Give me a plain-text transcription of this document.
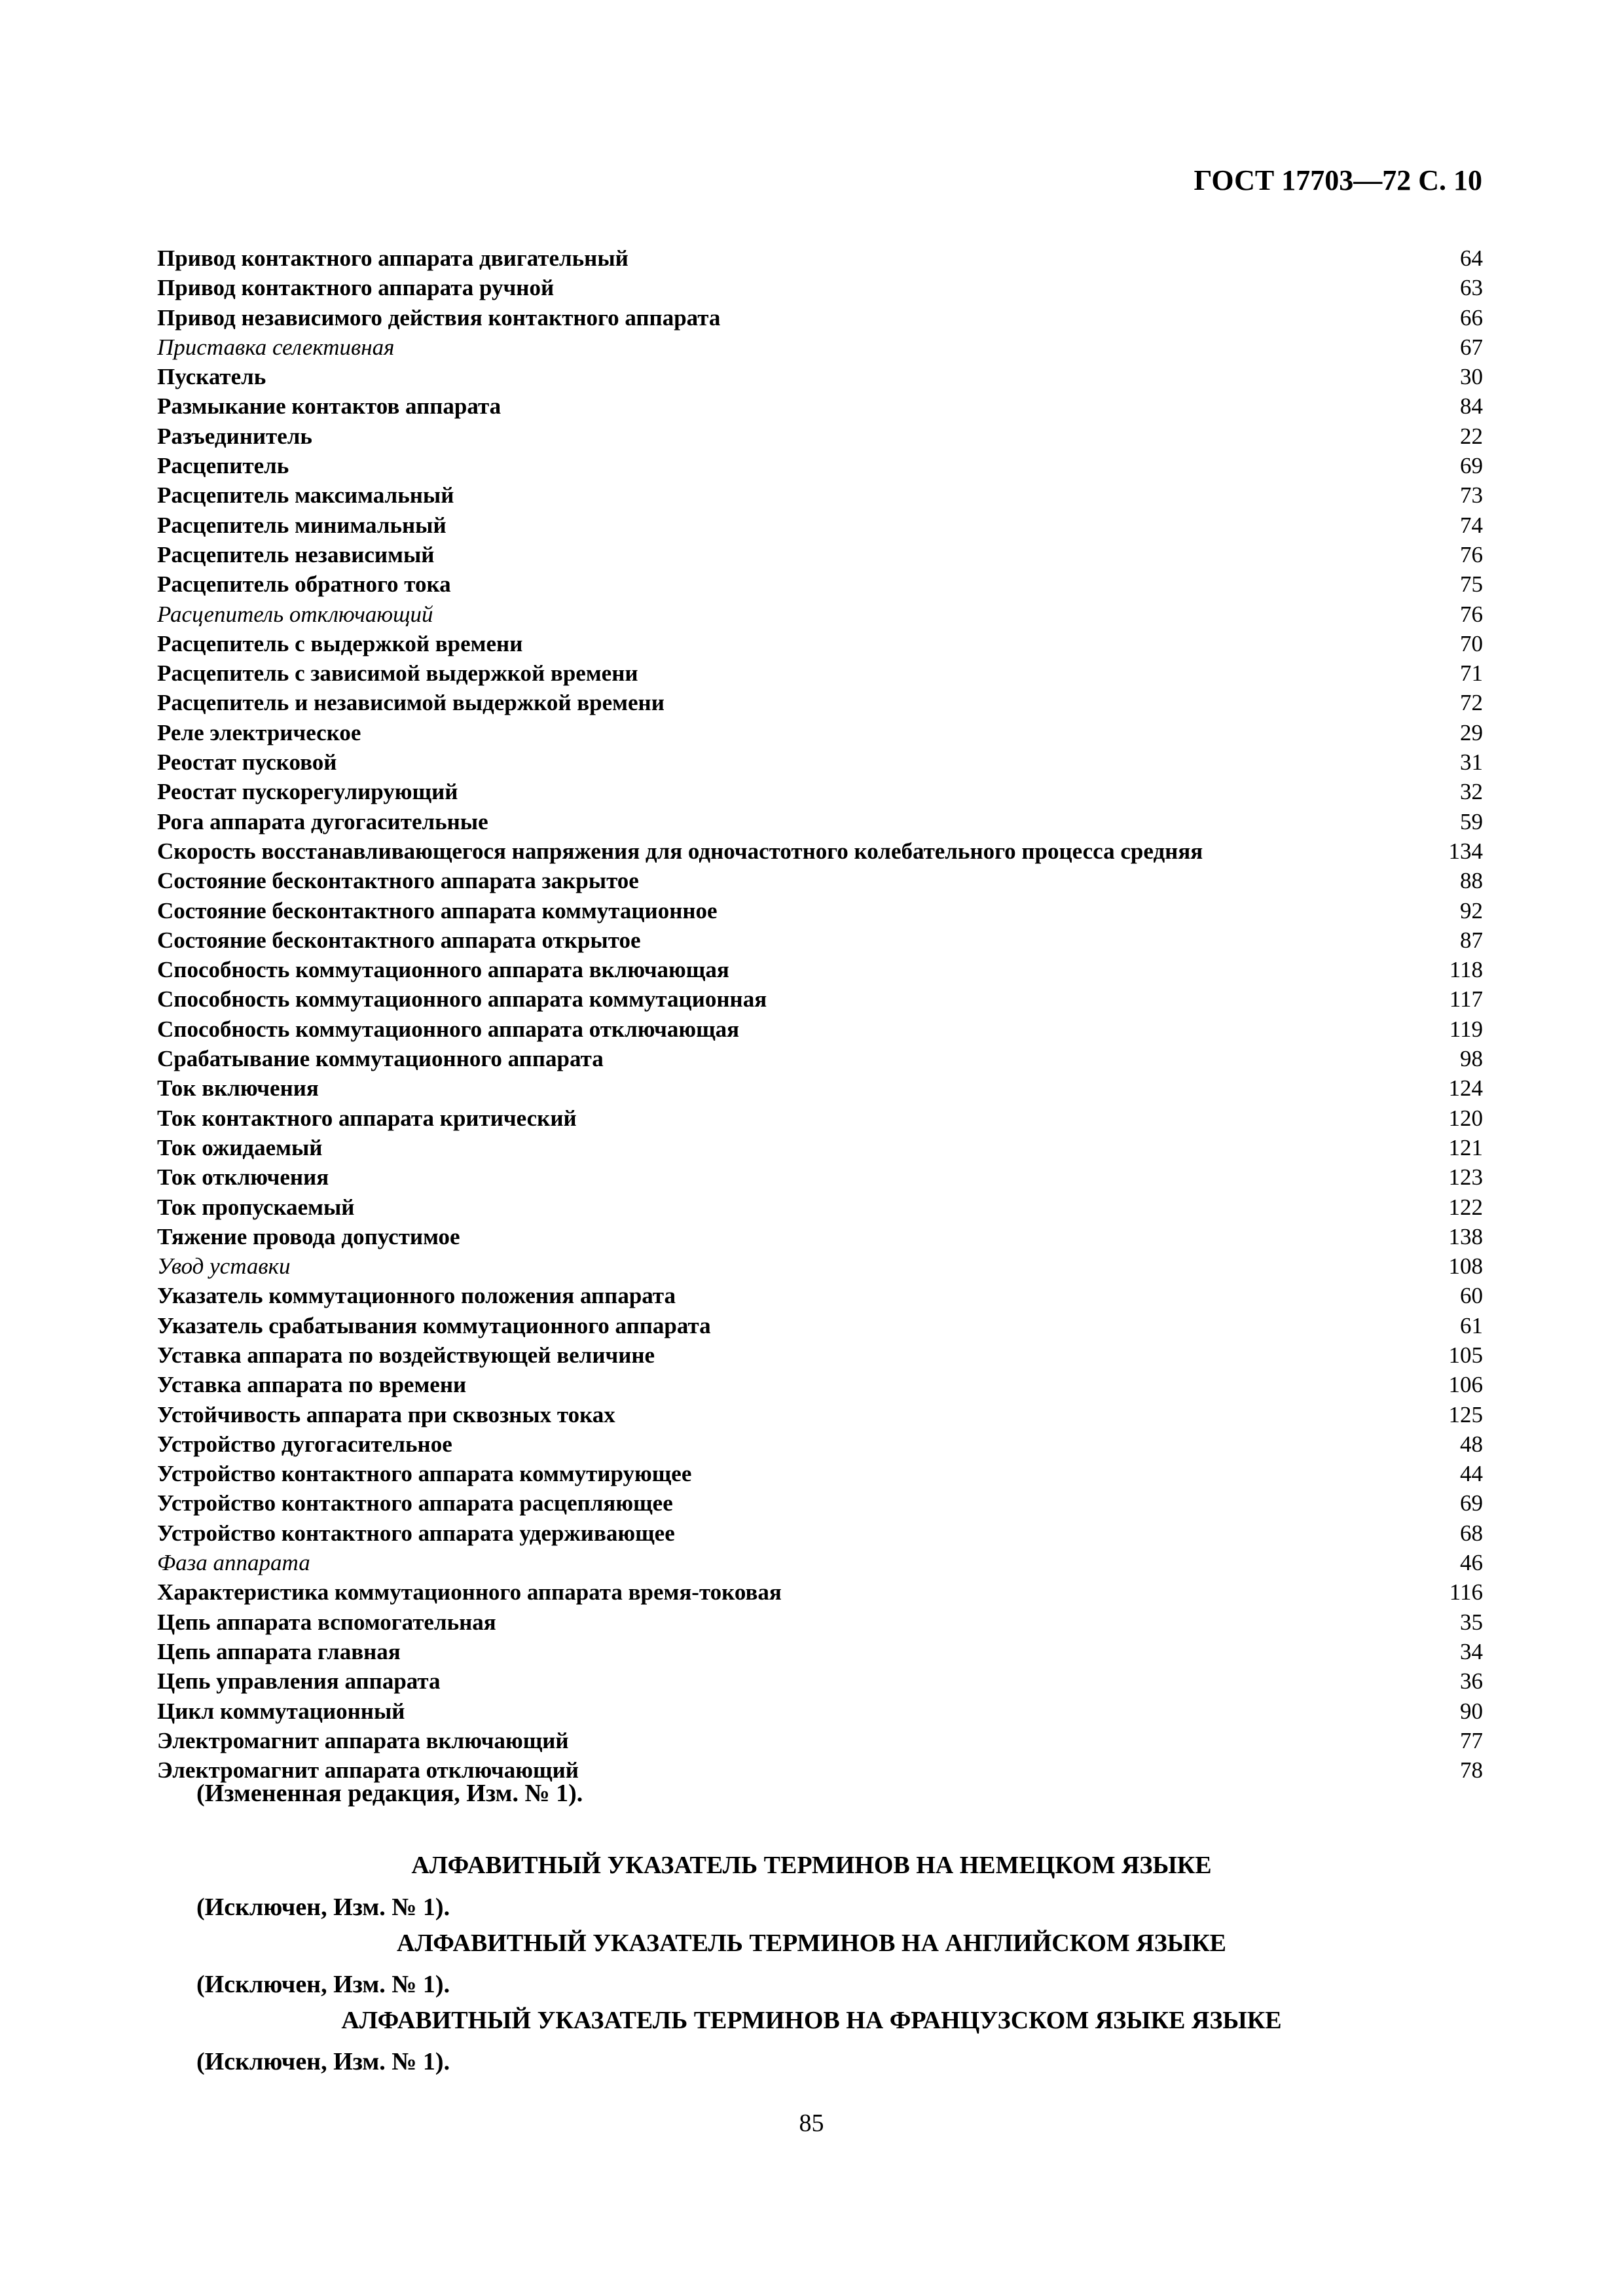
ГОСТ 17703—72 С. 10
Привод контактного аппарата двигательный	64
Привод контактного аппарата ручной	63
Привод независимого действия контактного аппарата	66
Приставка селективная	67
Пускатель	30
Размыкание контактов аппарата	84
Разъединитель	22
Расцепитель	69
Расцепитель максимальный	73
Расцепитель минимальный	74
Расцепитель независимый	76
Расцепитель обратного тока	75
Расцепитель отключающий	76
Расцепитель с выдержкой времени	70
Расцепитель с зависимой выдержкой времени	71
Расцепитель и независимой выдержкой времени	72
Реле электрическое	29
Реостат пусковой	31
Реостат пускорегулирующий	32
Рога аппарата дугогасительные	59
Скорость восстанавливающегося напряжения для одночастотного колебательного процесса средняя	134
Состояние бесконтактного аппарата закрытое	88
Состояние бесконтактного аппарата коммутационное	92
Состояние бесконтактного аппарата открытое	87
Способность коммутационного аппарата включающая	118
Способность коммутационного аппарата коммутационная	117
Способность коммутационного аппарата отключающая	119
Срабатывание коммутационного аппарата	98
Ток включения	124
Ток контактного аппарата критический	120
Ток ожидаемый	121
Ток отключения	123
Ток пропускаемый	122
Тяжение провода допустимое	138
Увод уставки	108
Указатель коммутационного положения аппарата	60
Указатель срабатывания коммутационного аппарата	61
Уставка аппарата по воздействующей величине	105
Уставка аппарата по времени	106
Устойчивость аппарата при сквозных токах	125
Устройство дугогасительное	48
Устройство контактного аппарата коммутирующее	44
Устройство контактного аппарата расцепляющее	69
Устройство контактного аппарата удерживающее	68
Фаза аппарата	46
Характеристика коммутационного аппарата время-токовая	116
Цепь аппарата вспомогательная	35
Цепь аппарата главная	34
Цепь управления аппарата	36
Цикл коммутационный	90
Электромагнит аппарата включающий	77
Электромагнит аппарата отключающий	78
(Измененная редакция, Изм. № 1).
АЛФАВИТНЫЙ УКАЗАТЕЛЬ ТЕРМИНОВ НА НЕМЕЦКОМ ЯЗЫКЕ
(Исключен, Изм. № 1).
АЛФАВИТНЫЙ УКАЗАТЕЛЬ ТЕРМИНОВ НА АНГЛИЙСКОМ ЯЗЫКЕ
(Исключен, Изм. № 1).
АЛФАВИТНЫЙ УКАЗАТЕЛЬ ТЕРМИНОВ НА ФРАНЦУЗСКОМ ЯЗЫКЕ ЯЗЫКЕ
(Исключен, Изм. № 1).
85
